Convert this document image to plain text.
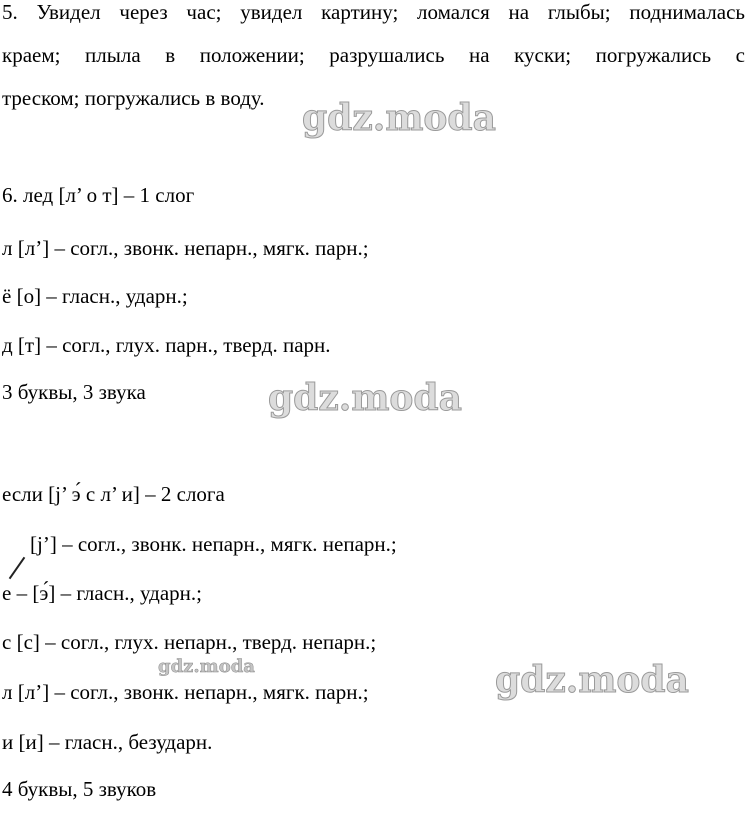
5. Увидел через час; увидел картину; ломался на глыбы; поднималась
краем; плыла в положении; разрушались на куски; погружались с
треском; погружались в воду. gdz.moda
6. лед [л’ о т] – 1 слог
л [л’] – согл., звонк. непарн., мягк. парн.;
ё [о] – гласн., ударн.;
д [т] – согл., глух. парн., тверд. парн.
3 буквы, 3 звука	gdz.moda
если [j’ э́ с л’ и] – 2 слога
[j’] – согл., звонк. непарн., мягк. непарн.;
е – [э́] – гласн., ударн.;
с [с] – согл., глух. непарн., тверд. непарн.;
gdz.moda	gdz.moda
л [л’] – согл., звонк. непарн., мягк. парн.;
и [и] – гласн., безударн.
4 буквы, 5 звуков
